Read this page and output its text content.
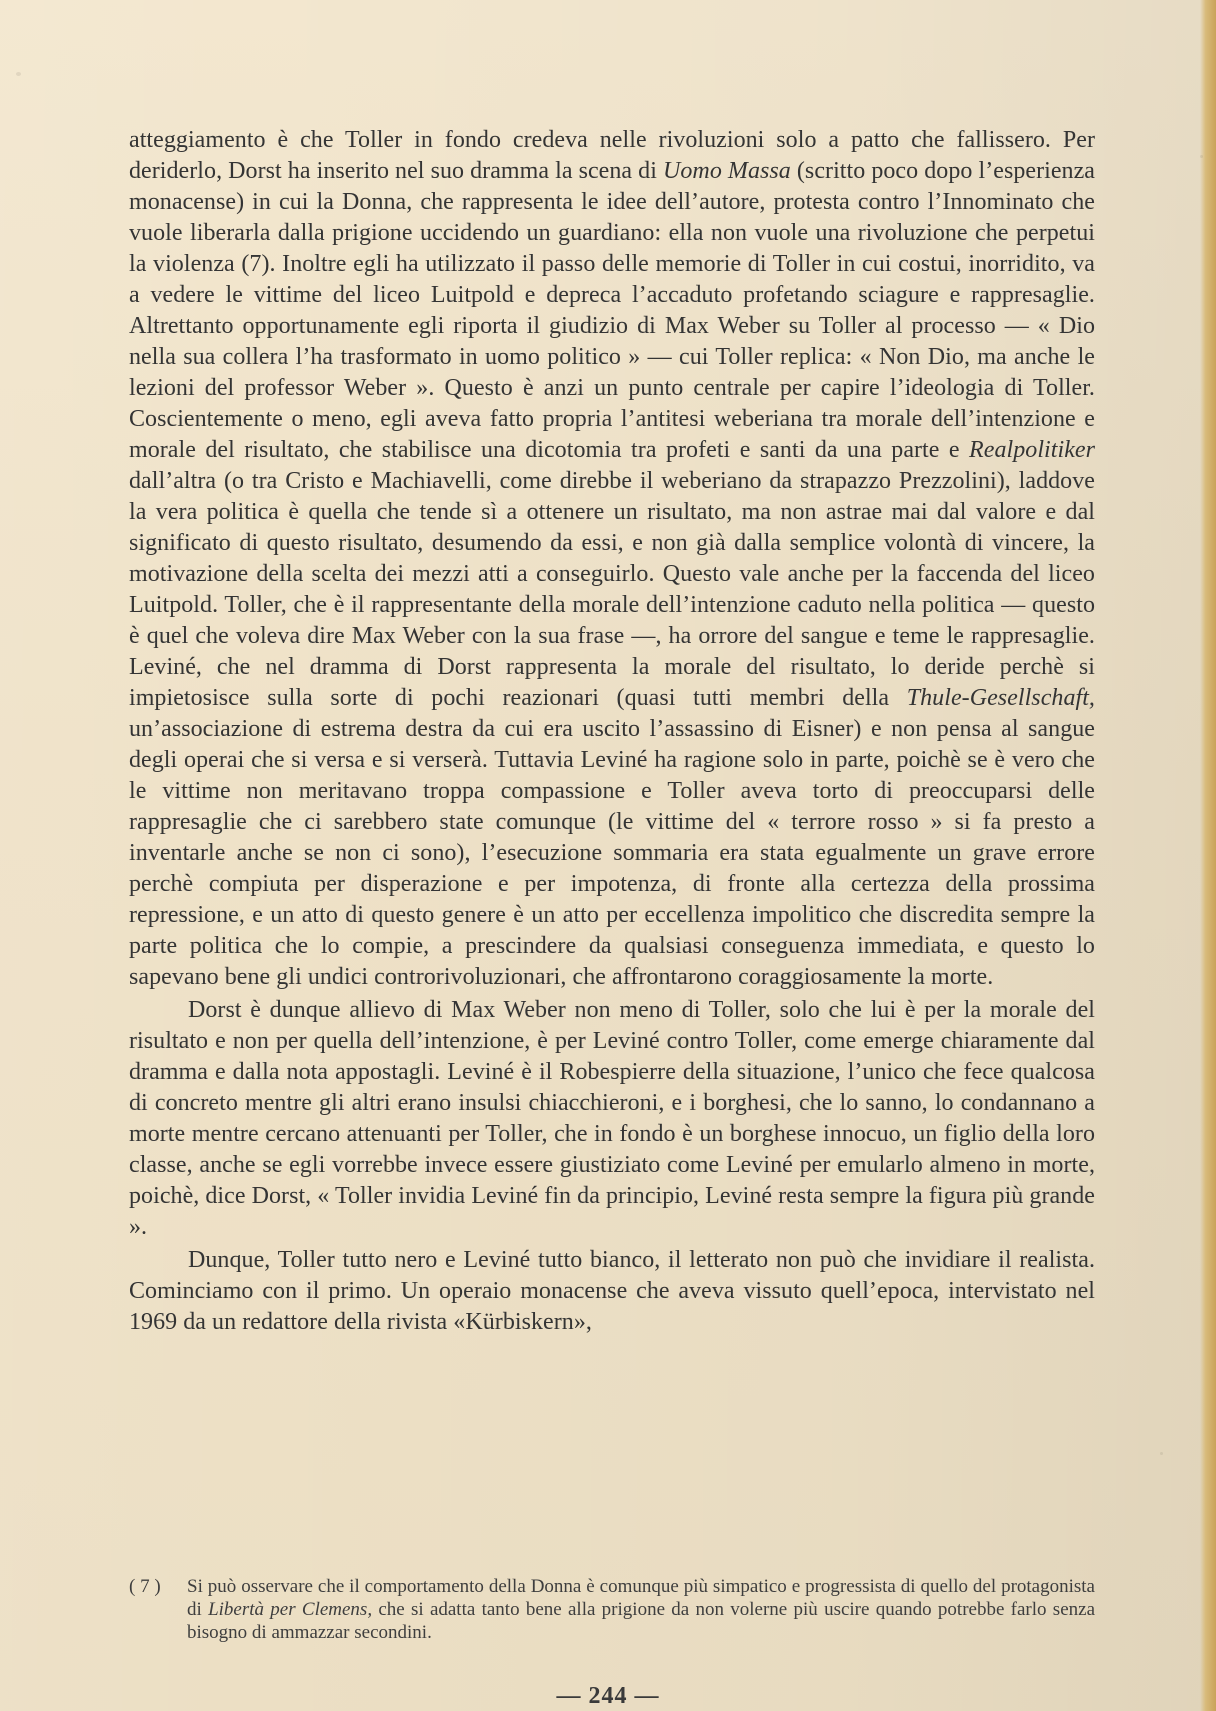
atteggiamento è che Toller in fondo credeva nelle rivoluzioni solo a patto che fallissero. Per deriderlo, Dorst ha inserito nel suo dramma la scena di Uomo Massa (scritto poco dopo l’esperienza monacense) in cui la Donna, che rappresenta le idee dell’autore, protesta contro l’Innominato che vuole liberarla dalla prigione uccidendo un guardiano: ella non vuole una rivoluzione che perpetui la violenza (7). Inoltre egli ha utilizzato il passo delle memorie di Toller in cui costui, inorridito, va a vedere le vittime del liceo Luitpold e depreca l’accaduto profetando sciagure e rappresaglie. Altrettanto opportunamente egli riporta il giudizio di Max Weber su Toller al processo — « Dio nella sua collera l’ha trasformato in uomo politico » — cui Toller replica: « Non Dio, ma anche le lezioni del professor Weber ». Questo è anzi un punto centrale per capire l’ideologia di Toller. Coscientemente o meno, egli aveva fatto propria l’antitesi weberiana tra morale dell’intenzione e morale del risultato, che stabilisce una dicotomia tra profeti e santi da una parte e Realpolitiker dall’altra (o tra Cristo e Machiavelli, come direbbe il weberiano da strapazzo Prezzolini), laddove la vera politica è quella che tende sì a ottenere un risultato, ma non astrae mai dal valore e dal significato di questo risultato, desumendo da essi, e non già dalla semplice volontà di vincere, la motivazione della scelta dei mezzi atti a conseguirlo. Questo vale anche per la faccenda del liceo Luitpold. Toller, che è il rappresentante della morale dell’intenzione caduto nella politica — questo è quel che voleva dire Max Weber con la sua frase —, ha orrore del sangue e teme le rappresaglie. Leviné, che nel dramma di Dorst rappresenta la morale del risultato, lo deride perchè si impietosisce sulla sorte di pochi reazionari (quasi tutti membri della Thule-Gesellschaft, un’associazione di estrema destra da cui era uscito l’assassino di Eisner) e non pensa al sangue degli operai che si versa e si verserà. Tuttavia Leviné ha ragione solo in parte, poichè se è vero che le vittime non meritavano troppa compassione e Toller aveva torto di preoccuparsi delle rappresaglie che ci sarebbero state comunque (le vittime del « terrore rosso » si fa presto a inventarle anche se non ci sono), l’esecuzione sommaria era stata egualmente un grave errore perchè compiuta per disperazione e per impotenza, di fronte alla certezza della prossima repressione, e un atto di questo genere è un atto per eccellenza impolitico che discredita sempre la parte politica che lo compie, a prescindere da qualsiasi conseguenza immediata, e questo lo sapevano bene gli undici controrivoluzionari, che affrontarono coraggiosamente la morte.

Dorst è dunque allievo di Max Weber non meno di Toller, solo che lui è per la morale del risultato e non per quella dell’intenzione, è per Leviné contro Toller, come emerge chiaramente dal dramma e dalla nota appostagli. Leviné è il Robespierre della situazione, l’unico che fece qualcosa di concreto mentre gli altri erano insulsi chiacchieroni, e i borghesi, che lo sanno, lo condannano a morte mentre cercano attenuanti per Toller, che in fondo è un borghese innocuo, un figlio della loro classe, anche se egli vorrebbe invece essere giustiziato come Leviné per emularlo almeno in morte, poichè, dice Dorst, « Toller invidia Leviné fin da principio, Leviné resta sempre la figura più grande ».

Dunque, Toller tutto nero e Leviné tutto bianco, il letterato non può che invidiare il realista. Cominciamo con il primo. Un operaio monacense che aveva vissuto quell’epoca, intervistato nel 1969 da un redattore della rivista «Kürbiskern»,

( 7 )	Si può osservare che il comportamento della Donna è comunque più simpatico e progressista di quello del protagonista di Libertà per Clemens, che si adatta tanto bene alla prigione da non volerne più uscire quando potrebbe farlo senza bisogno di ammazzar secondini.
— 244 —
